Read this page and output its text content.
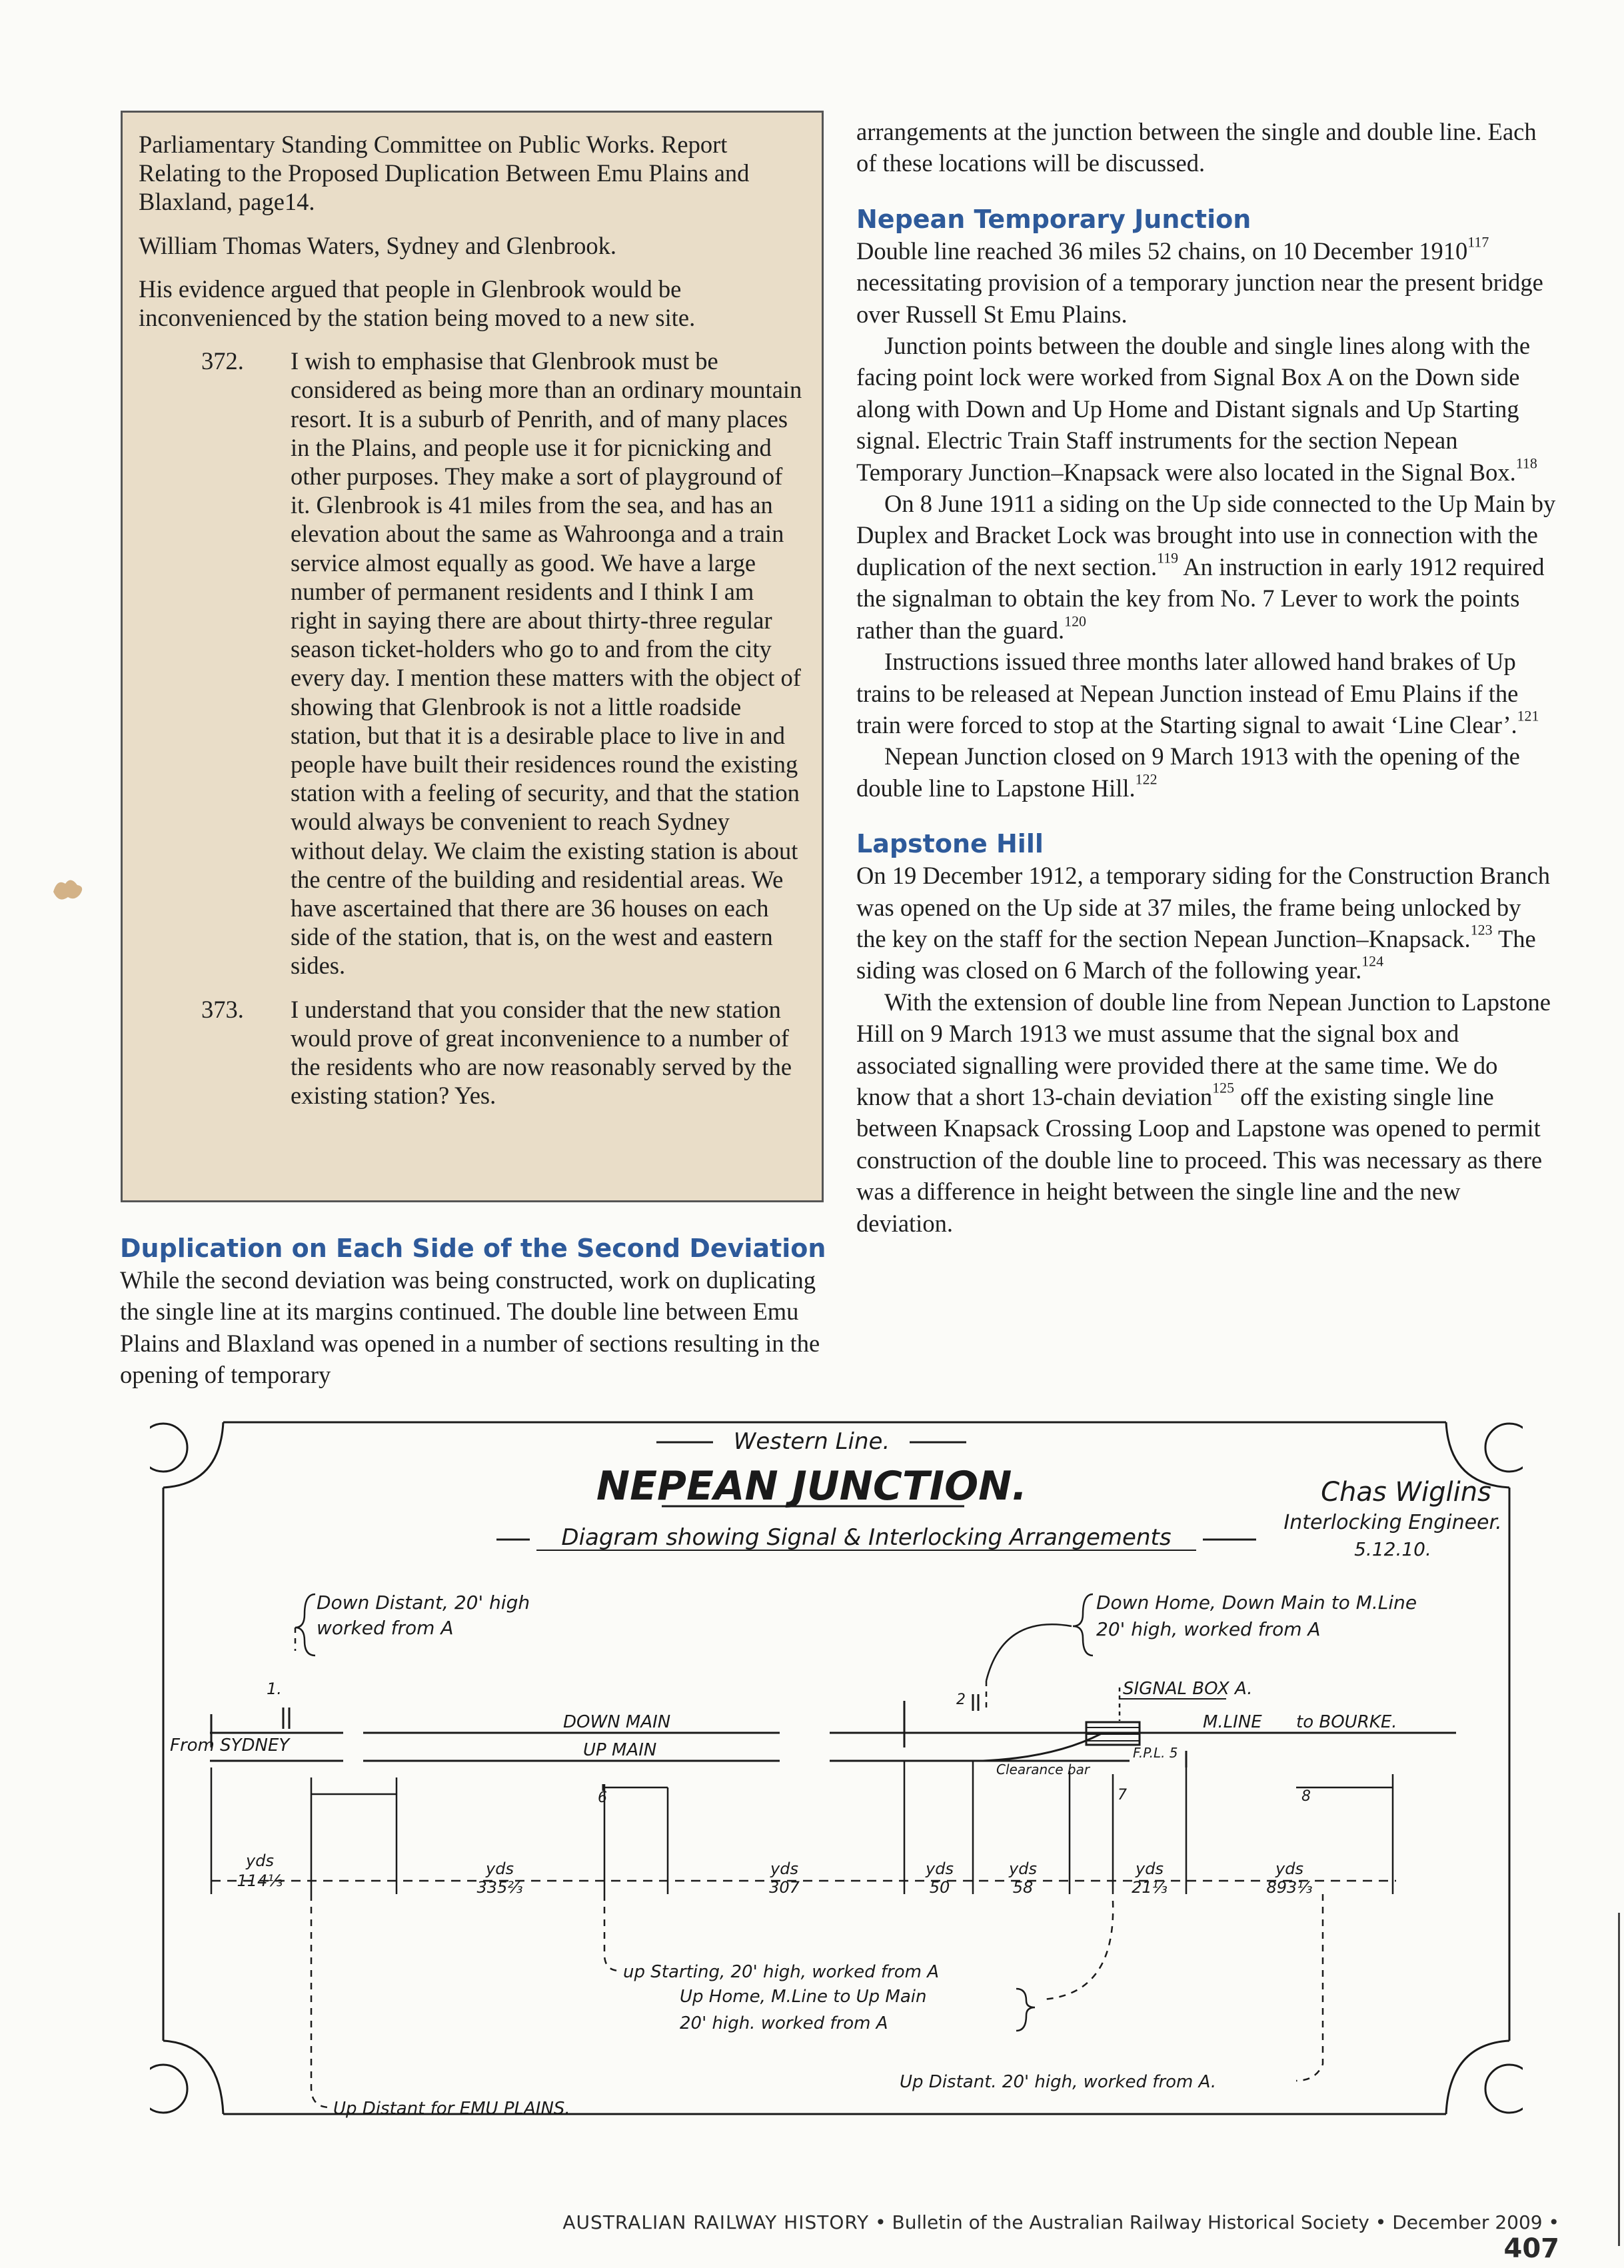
Parliamentary Standing Committee on Public Works. Report Relating to the Proposed Duplication Between Emu Plains and Blaxland, page14.

William Thomas Waters, Sydney and Glenbrook.

His evidence argued that people in Glenbrook would be inconvenienced by the station being moved to a new site.

372.	I wish to emphasise that Glenbrook must be considered as being more than an ordinary mountain resort. It is a suburb of Penrith, and of many places in the Plains, and people use it for picnicking and other purposes. They make a sort of playground of it. Glenbrook is 41 miles from the sea, and has an elevation about the same as Wahroonga and a train service almost equally as good. We have a large number of permanent residents and I think I am right in saying there are about thirty-three regular season ticket-holders who go to and from the city every day. I mention these matters with the object of showing that Glenbrook is not a little roadside station, but that it is a desirable place to live in and people have built their residences round the existing station with a feeling of security, and that the station would always be convenient to reach Sydney without delay. We claim the existing station is about the centre of the building and residential areas. We have ascertained that there are 36 houses on each side of the station, that is, on the west and eastern sides.
373.	I understand that you consider that the new station would prove of great inconvenience to a number of the residents who are now reasonably served by the existing station? Yes.
Duplication on Each Side of the Second Deviation

While the second deviation was being constructed, work on duplicating the single line at its margins continued. The double line between Emu Plains and Blaxland was opened in a number of sections resulting in the opening of temporary

arrangements at the junction between the single and double line. Each of these locations will be discussed.

Nepean Temporary Junction

Double line reached 36 miles 52 chains, on 10 December 1910$^{117}$ necessitating provision of a temporary junction near the present bridge over Russell St Emu Plains.

Junction points between the double and single lines along with the facing point lock were worked from Signal Box A on the Down side along with Down and Up Home and Distant signals and Up Starting signal. Electric Train Staff instruments for the section Nepean Temporary Junction–Knapsack were also located in the Signal Box.$^{118}$

On 8 June 1911 a siding on the Up side connected to the Up Main by Duplex and Bracket Lock was brought into use in connection with the duplication of the next section.$^{119}$ An instruction in early 1912 required the signalman to obtain the key from No. 7 Lever to work the points rather than the guard.$^{120}$

Instructions issued three months later allowed hand brakes of Up trains to be released at Nepean Junction instead of Emu Plains if the train were forced to stop at the Starting signal to await ‘Line Clear’.$^{121}$

Nepean Junction closed on 9 March 1913 with the opening of the double line to Lapstone Hill.$^{122}$

Lapstone Hill

On 19 December 1912, a temporary siding for the Construction Branch was opened on the Up side at 37 miles, the frame being unlocked by the key on the staff for the section Nepean Junction–Knapsack.$^{123}$ The siding was closed on 6 March of the following year.$^{124}$

With the extension of double line from Nepean Junction to Lapstone Hill on 9 March 1913 we must assume that the signal box and associated signalling were provided there at the same time. We do know that a short 13-chain deviation$^{125}$ off the existing single line between Knapsack Crossing Loop and Lapstone was opened to permit construction of the double line to proceed. This was necessary as there was a difference in height between the single line and the new deviation.

Western Line.
NEPEAN JUNCTION.
Diagram showing Signal & Interlocking Arrangements
Chas Wiglins
Interlocking Engineer.
5.12.10.
Down Distant, 20' high
worked from A
Down Home, Down Main to M.Line
20' high, worked from A
SIGNAL BOX A.
DOWN MAIN
UP MAIN
From SYDNEY
M.LINE to BOURKE.
Clearance bar
F.P.L. 5
1.
2
6	7	8
yds
114⅓
yds
335⅔
yds
307
yds
50
yds
58
yds
21⅓
yds
893⅓
up Starting, 20' high, worked from A
Up Home, M.Line to Up Main
20' high. worked from A
Up Distant for EMU PLAINS.
Up Distant. 20' high, worked from A.
AUSTRALIAN RAILWAY HISTORY • Bulletin of the Australian Railway Historical Society • December 2009 • 407
